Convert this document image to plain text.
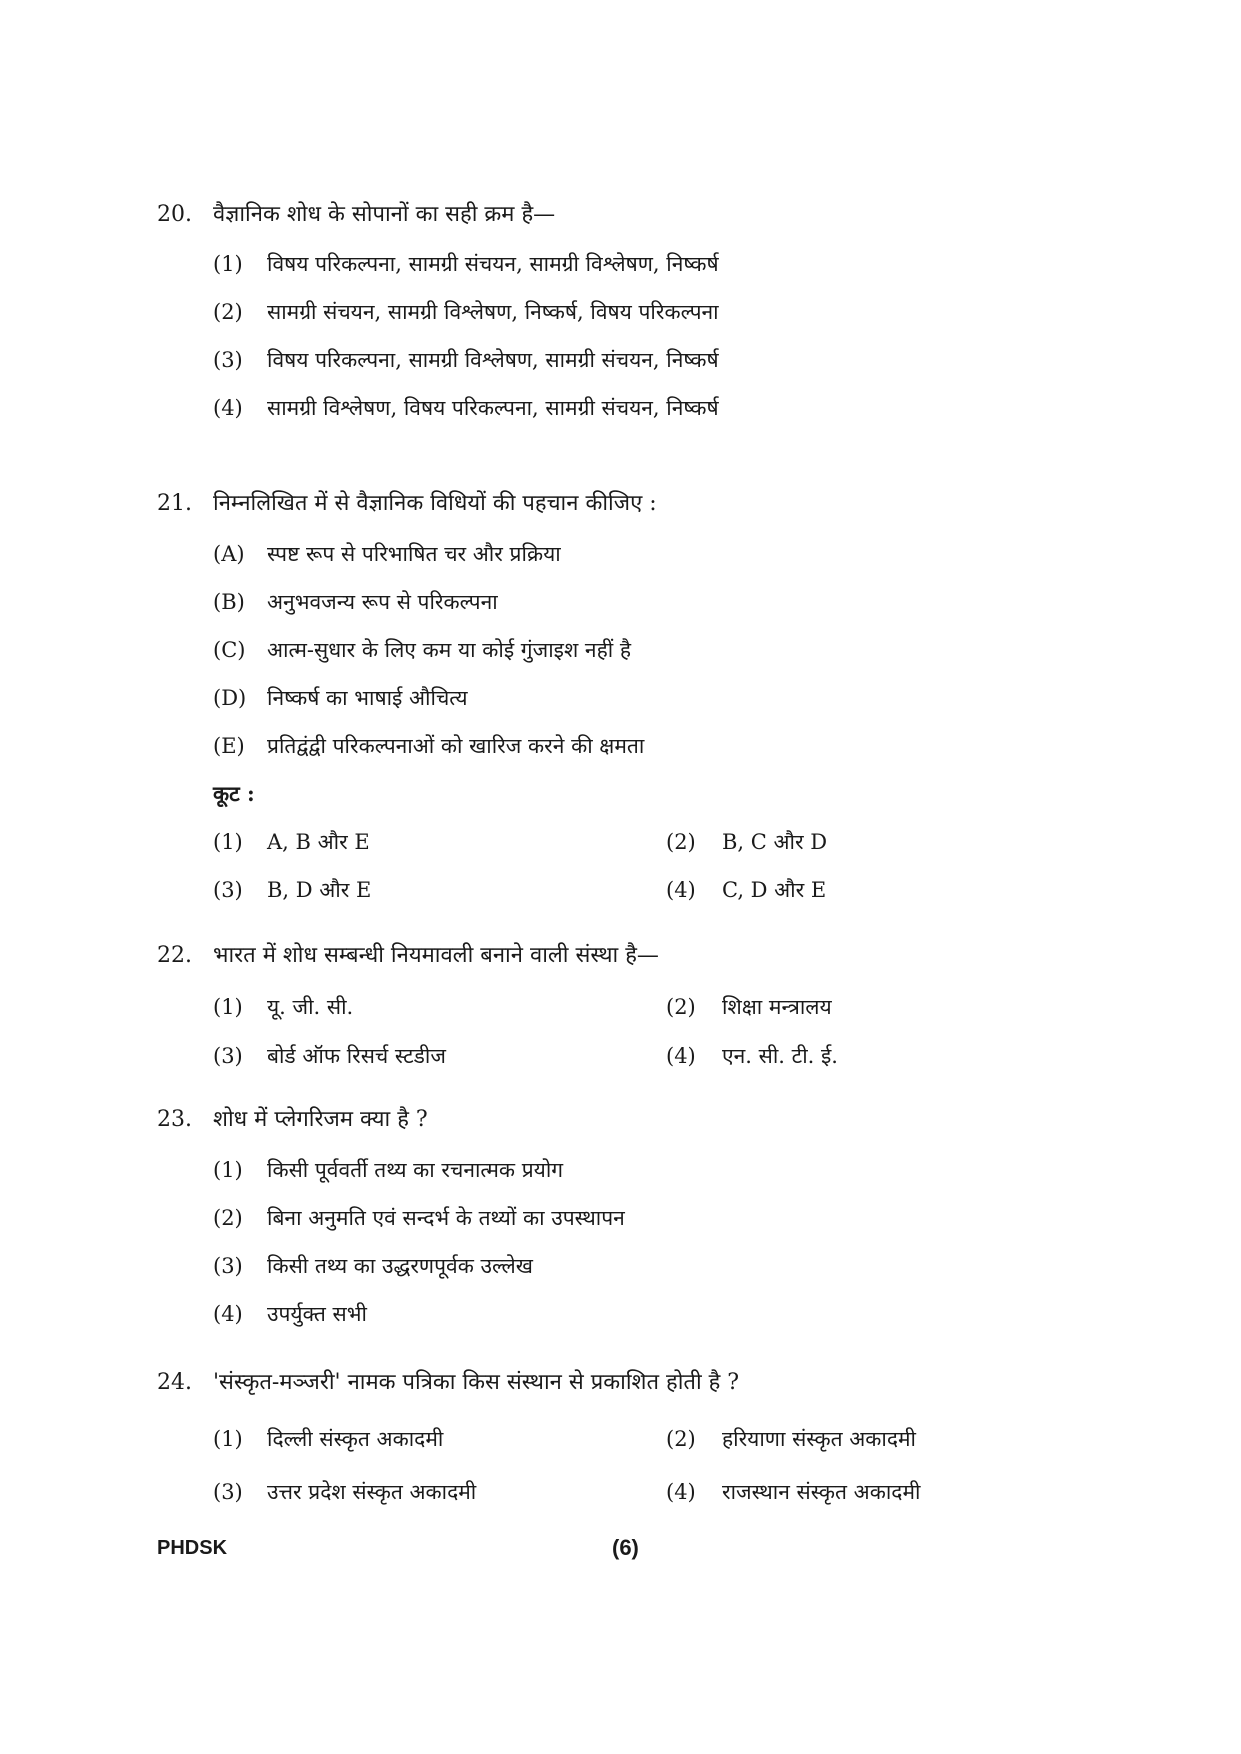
20. वैज्ञानिक शोध के सोपानों का सही क्रम है—
(1) विषय परिकल्पना, सामग्री संचयन, सामग्री विश्लेषण, निष्कर्ष
(2) सामग्री संचयन, सामग्री विश्लेषण, निष्कर्ष, विषय परिकल्पना
(3) विषय परिकल्पना, सामग्री विश्लेषण, सामग्री संचयन, निष्कर्ष
(4) सामग्री विश्लेषण, विषय परिकल्पना, सामग्री संचयन, निष्कर्ष
21. निम्नलिखित में से वैज्ञानिक विधियों की पहचान कीजिए :
(A) स्पष्ट रूप से परिभाषित चर और प्रक्रिया
(B) अनुभवजन्य रूप से परिकल्पना
(C) आत्म-सुधार के लिए कम या कोई गुंजाइश नहीं है
(D) निष्कर्ष का भाषाई औचित्य
(E) प्रतिद्वंद्वी परिकल्पनाओं को खारिज करने की क्षमता
कूट :
(1) A, B और E	(2) B, C और D
(3) B, D और E	(4) C, D और E
22. भारत में शोध सम्बन्धी नियमावली बनाने वाली संस्था है—
(1) यू. जी. सी.	(2) शिक्षा मन्त्रालय
(3) बोर्ड ऑफ रिसर्च स्टडीज	(4) एन. सी. टी. ई.
23. शोध में प्लेगरिजम क्या है ?
(1) किसी पूर्ववर्ती तथ्य का रचनात्मक प्रयोग
(2) बिना अनुमति एवं सन्दर्भ के तथ्यों का उपस्थापन
(3) किसी तथ्य का उद्धरणपूर्वक उल्लेख
(4) उपर्युक्त सभी
24. 'संस्कृत-मञ्जरी' नामक पत्रिका किस संस्थान से प्रकाशित होती है ?
(1) दिल्ली संस्कृत अकादमी	(2) हरियाणा संस्कृत अकादमी
(3) उत्तर प्रदेश संस्कृत अकादमी	(4) राजस्थान संस्कृत अकादमी
PHDSK	(6)
